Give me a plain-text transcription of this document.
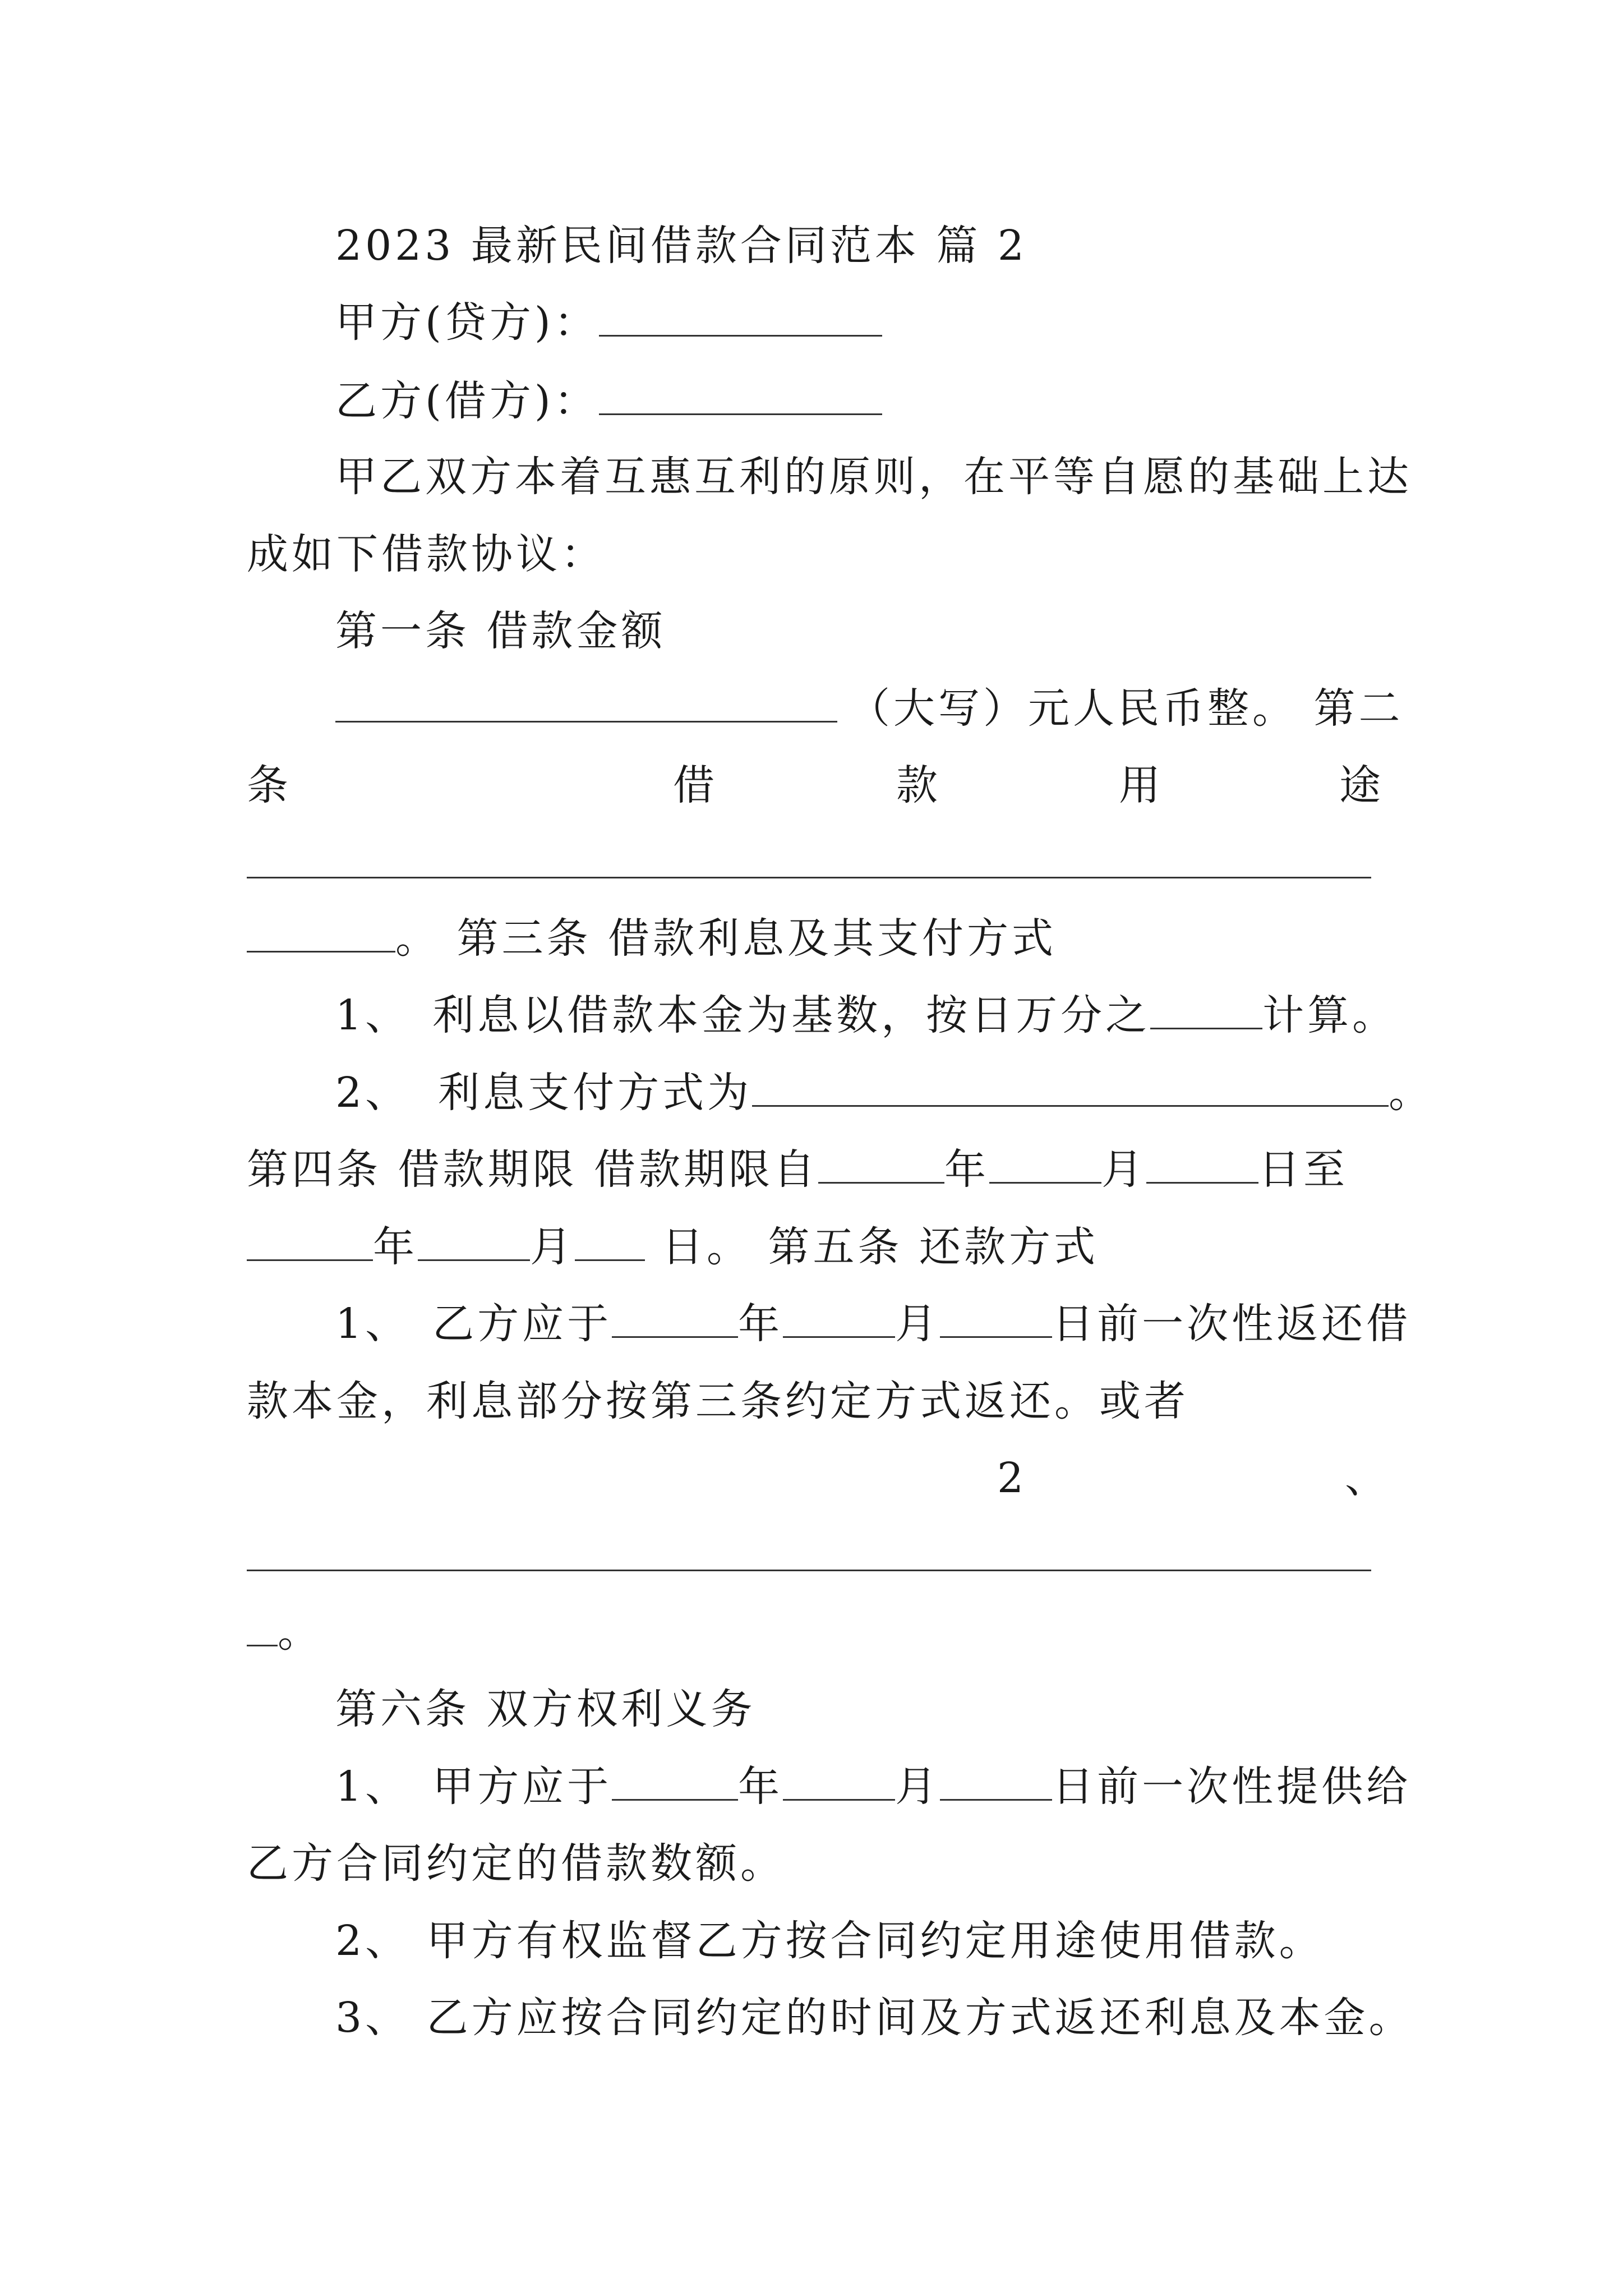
2023 最新民间借款合同范本 篇 2
甲方(贷方)：
乙方(借方)：
甲乙双方本着互惠互利的原则，在平等自愿的基础上达
成如下借款协议：
第一条 借款金额
（大写）元人民币整。 第二
条	借	款	用	途
。 第三条 借款利息及其支付方式
1、 利息以借款本金为基数，按日万分之	计算。
2、 利息支付方式为	。
第四条 借款期限 借款期限自	年	月	日至
年	月 日。 第五条 还款方式
1、 乙方应于	年	月	日前一次性返还借
款本金，利息部分按第三条约定方式返还。或者
2	、
。
第六条 双方权利义务
1、 甲方应于	年	月	日前一次性提供给
乙方合同约定的借款数额。
2、 甲方有权监督乙方按合同约定用途使用借款。
3、 乙方应按合同约定的时间及方式返还利息及本金。
